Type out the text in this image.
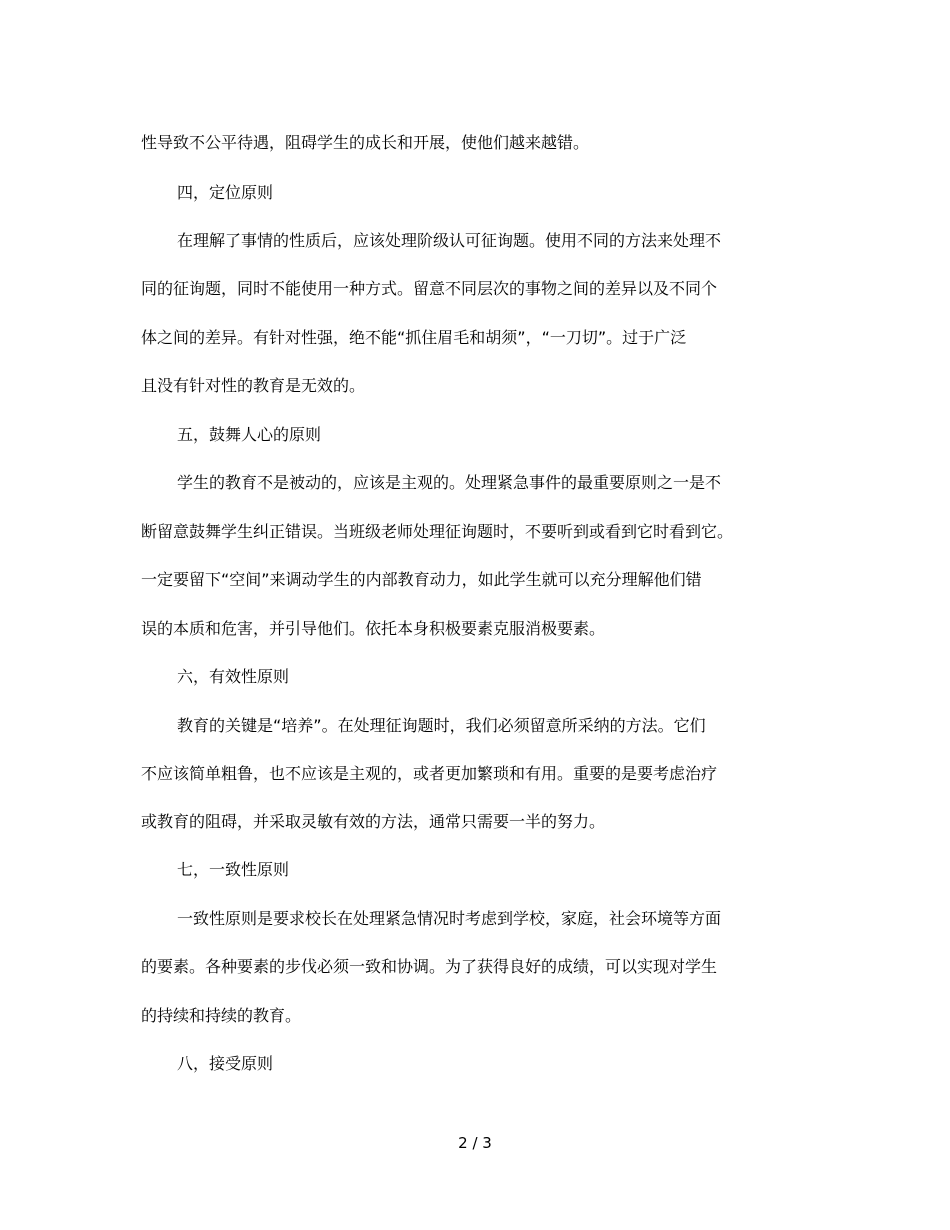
性导致不公平待遇，阻碍学生的成长和开展，使他们越来越错。
四，定位原则
在理解了事情的性质后，应该处理阶级认可征询题。使用不同的方法来处理不
同的征询题，同时不能使用一种方式。留意不同层次的事物之间的差异以及不同个
体之间的差异。有针对性强，绝不能“抓住眉毛和胡须”，“一刀切”。过于广泛
且没有针对性的教育是无效的。
五，鼓舞人心的原则
学生的教育不是被动的，应该是主观的。处理紧急事件的最重要原则之一是不
断留意鼓舞学生纠正错误。当班级老师处理征询题时，不要听到或看到它时看到它。
一定要留下“空间”来调动学生的内部教育动力，如此学生就可以充分理解他们错
误的本质和危害，并引导他们。依托本身积极要素克服消极要素。
六，有效性原则
教育的关键是“培养”。在处理征询题时，我们必须留意所采纳的方法。它们
不应该简单粗鲁，也不应该是主观的，或者更加繁琐和有用。重要的是要考虑治疗
或教育的阻碍，并采取灵敏有效的方法，通常只需要一半的努力。
七，一致性原则
一致性原则是要求校长在处理紧急情况时考虑到学校，家庭，社会环境等方面
的要素。各种要素的步伐必须一致和协调。为了获得良好的成绩，可以实现对学生
的持续和持续的教育。
八，接受原则
2 / 3
